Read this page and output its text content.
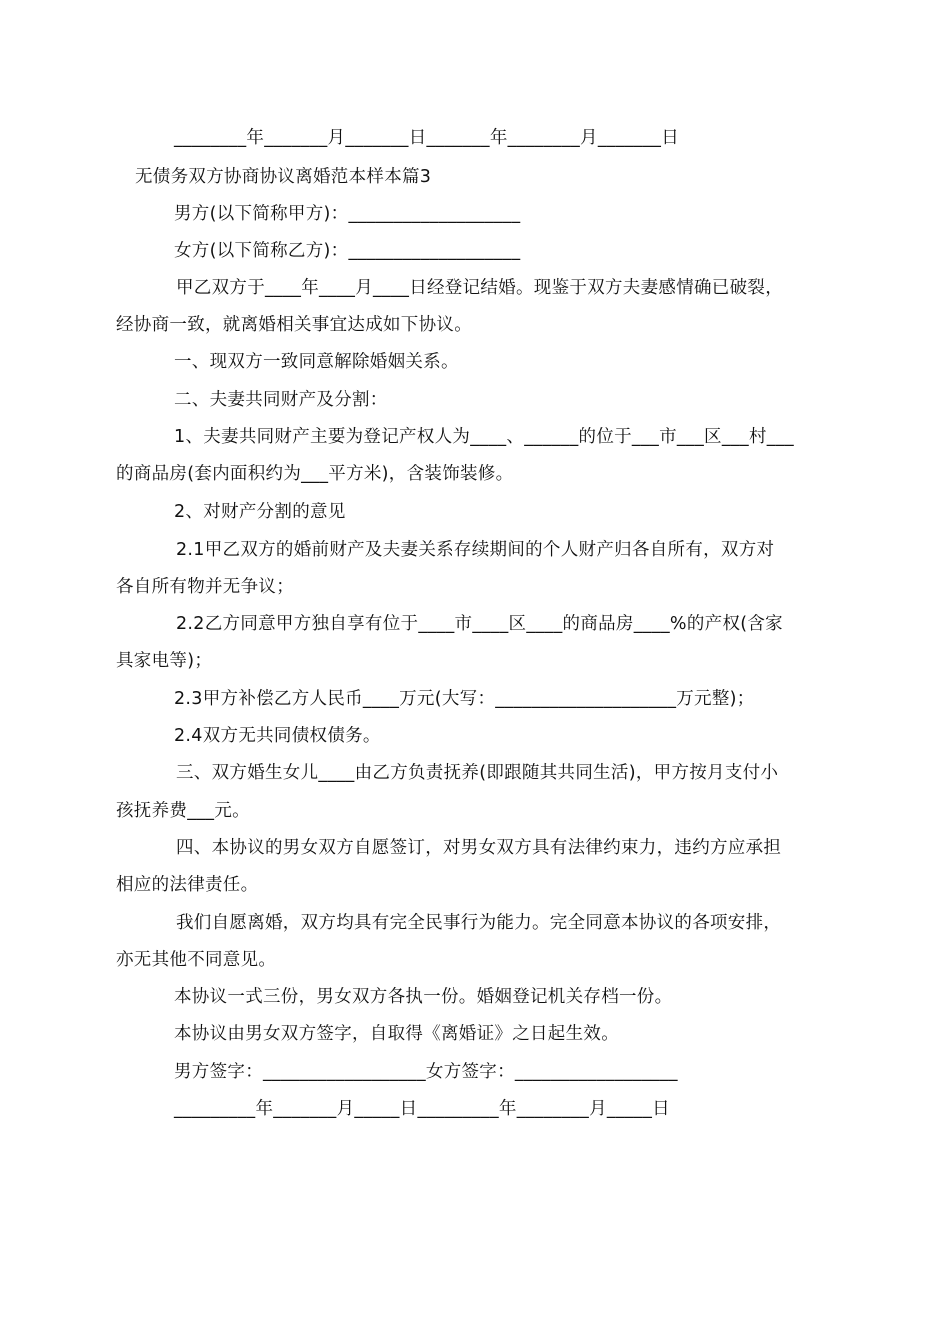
________年_______月_______日_______年________月_______日
无债务双方协商协议离婚范本样本篇3
男方(以下简称甲方)：___________________
女方(以下简称乙方)：___________________
甲乙双方于____年____月____日经登记结婚。现鉴于双方夫妻感情确已破裂，
经协商一致，就离婚相关事宜达成如下协议。
一、现双方一致同意解除婚姻关系。
二、夫妻共同财产及分割：
1、夫妻共同财产主要为登记产权人为____、______的位于___市___区___村___
的商品房(套内面积约为___平方米)，含装饰装修。
2、对财产分割的意见
2.1甲乙双方的婚前财产及夫妻关系存续期间的个人财产归各自所有，双方对
各自所有物并无争议；
2.2乙方同意甲方独自享有位于____市____区____的商品房____%的产权(含家
具家电等)；
2.3甲方补偿乙方人民币____万元(大写：____________________万元整)；
2.4双方无共同债权债务。
三、双方婚生女儿____由乙方负责抚养(即跟随其共同生活)，甲方按月支付小
孩抚养费___元。
四、本协议的男女双方自愿签订，对男女双方具有法律约束力，违约方应承担
相应的法律责任。
我们自愿离婚，双方均具有完全民事行为能力。完全同意本协议的各项安排，
亦无其他不同意见。
本协议一式三份，男女双方各执一份。婚姻登记机关存档一份。
本协议由男女双方签字，自取得《离婚证》之日起生效。
男方签字：__________________女方签字：__________________
_________年_______月_____日_________年________月_____日
